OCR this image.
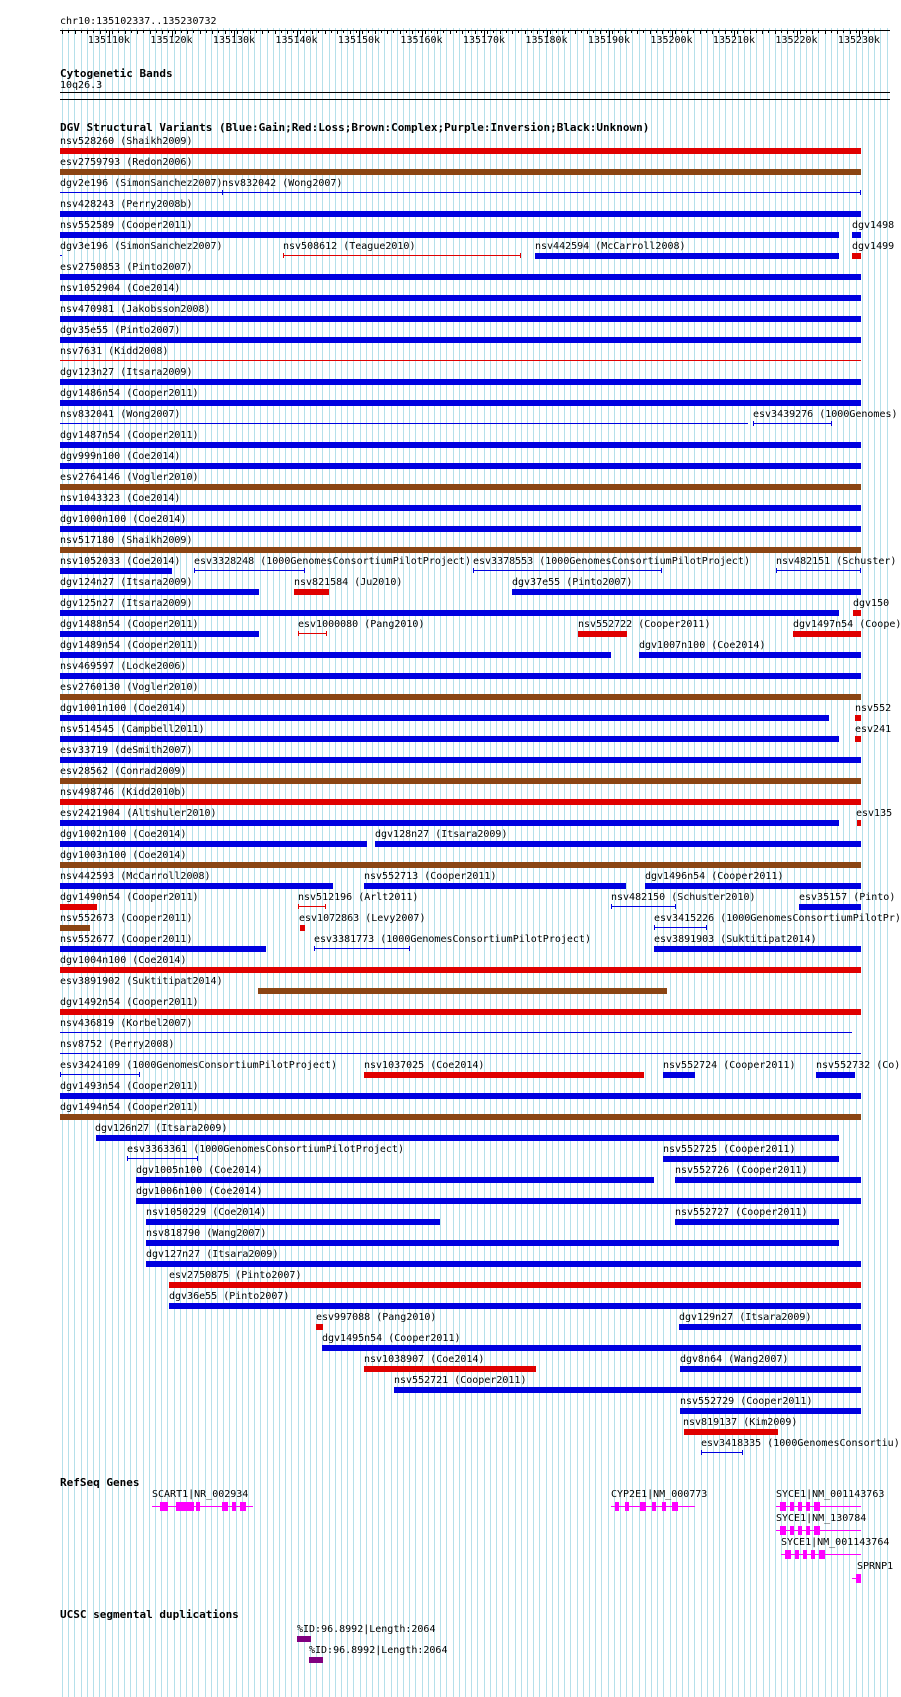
chr10:135102337..135230732
135110k 135120k 135130k 135140k 135150k 135160k 135170k 135180k 135190k 135200k 135210k 135220k 135230k
Cytogenetic Bands
10q26.3
DGV Structural Variants (Blue:Gain;Red:Loss;Brown:Complex;Purple:Inversion;Black:Unknown)
nsv528260 (Shaikh2009)
esv2759793 (Redon2006)
dgv2e196 (SimonSanchez2007) nsv832042 (Wong2007)
nsv428243 (Perry2008b)
nsv552589 (Cooper2011)	dgv1498
dgv3e196 (SimonSanchez2007)	nsv508612 (Teague2010)	nsv442594 (McCarroll2008)	dgv1499
esv2750853 (Pinto2007)
nsv1052904 (Coe2014)
nsv470981 (Jakobsson2008)
dgv35e55 (Pinto2007)
nsv7631 (Kidd2008)
dgv123n27 (Itsara2009)
dgv1486n54 (Cooper2011)
nsv832041 (Wong2007)	esv3439276 (1000Genomes)
dgv1487n54 (Cooper2011)
dgv999n100 (Coe2014)
esv2764146 (Vogler2010)
nsv1043323 (Coe2014)
dgv1000n100 (Coe2014)
nsv517180 (Shaikh2009)
nsv1052033 (Coe2014) esv3328248 (1000GenomesConsortiumPilotProject) esv3378553 (1000GenomesConsortiumPilotProject)	nsv482151 (Schuster)
dgv124n27 (Itsara2009)	nsv821584 (Ju2010)	dgv37e55 (Pinto2007)
dgv125n27 (Itsara2009)	dgv150
dgv1488n54 (Cooper2011)	esv1000080 (Pang2010)	nsv552722 (Cooper2011)	dgv1497n54 (Coope)
dgv1489n54 (Cooper2011)	dgv1007n100 (Coe2014)
nsv469597 (Locke2006)
esv2760130 (Vogler2010)
dgv1001n100 (Coe2014)	nsv552
nsv514545 (Campbell2011)	esv241
esv33719 (deSmith2007)
esv28562 (Conrad2009)
nsv498746 (Kidd2010b)
esv2421904 (Altshuler2010)	esv135
dgv1002n100 (Coe2014)	dgv128n27 (Itsara2009)
dgv1003n100 (Coe2014)
nsv442593 (McCarroll2008)	nsv552713 (Cooper2011)	dgv1496n54 (Cooper2011)
dgv1490n54 (Cooper2011)	nsv512196 (Arlt2011)	nsv482150 (Schuster2010)	esv35157 (Pinto)
nsv552673 (Cooper2011)	esv1072863 (Levy2007)	esv3415226 (1000GenomesConsortiumPilotPr)
nsv552677 (Cooper2011)	esv3381773 (1000GenomesConsortiumPilotProject)	esv3891903 (Suktitipat2014)
dgv1004n100 (Coe2014)
esv3891902 (Suktitipat2014)
dgv1492n54 (Cooper2011)
nsv436819 (Korbel2007)
nsv8752 (Perry2008)
esv3424109 (1000GenomesConsortiumPilotProject)	nsv1037025 (Coe2014)	nsv552724 (Cooper2011) nsv552732 (Co)
dgv1493n54 (Cooper2011)
dgv1494n54 (Cooper2011)
dgv126n27 (Itsara2009)
esv3363361 (1000GenomesConsortiumPilotProject)	nsv552725 (Cooper2011)
dgv1005n100 (Coe2014)	nsv552726 (Cooper2011)
dgv1006n100 (Coe2014)
nsv1050229 (Coe2014)	nsv552727 (Cooper2011)
nsv818790 (Wang2007)
dgv127n27 (Itsara2009)
esv2750875 (Pinto2007)
dgv36e55 (Pinto2007)
esv997088 (Pang2010)	dgv129n27 (Itsara2009)
dgv1495n54 (Cooper2011)
nsv1038907 (Coe2014)	dgv8n64 (Wang2007)
nsv552721 (Cooper2011)
nsv552729 (Cooper2011)
nsv819137 (Kim2009)
esv3418335 (1000GenomesConsortiu)
RefSeq Genes
SCART1|NR_002934	CYP2E1|NM_000773	SYCE1|NM_001143763
SYCE1|NM_130784
SYCE1|NM_001143764
SPRNP1
UCSC segmental duplications
%ID:96.8992|Length:2064
%ID:96.8992|Length:2064
